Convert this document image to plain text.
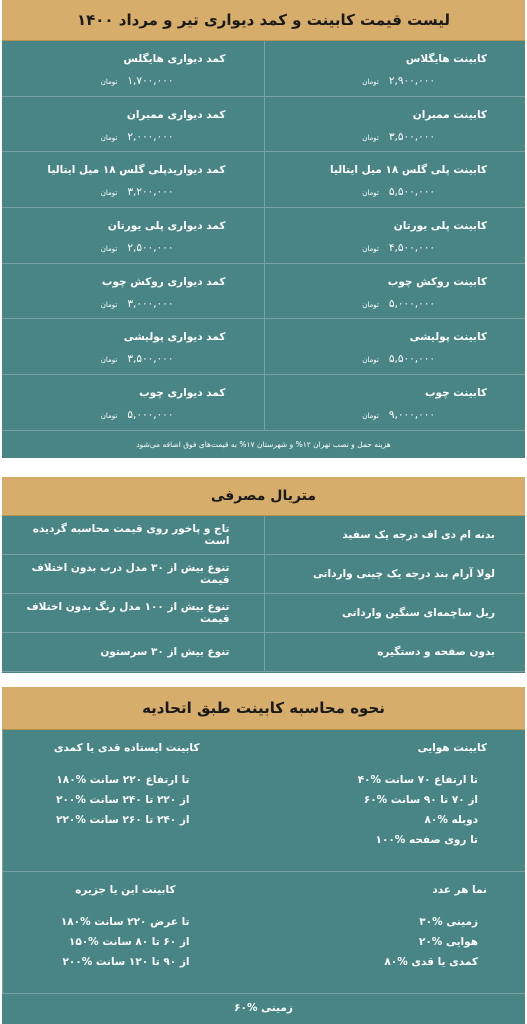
لیست قیمت کابینت و کمد دیواری تیر و مرداد ۱۴۰۰
کابینت هایگلاس
۲,۹۰۰,۰۰۰
تومان
کمد دیواری هایگلس
۱,۷۰۰,۰۰۰
تومان
کابینت ممبران
۳,۵۰۰,۰۰۰
تومان
کمد دیواری ممبران
۲,۰۰۰,۰۰۰
تومان
کابینت پلی گلس ۱۸ میل ایتالیا
۵,۵۰۰,۰۰۰
تومان
کمد دیواریدپلی گلس ۱۸ میل ایتالیا
۳,۲۰۰,۰۰۰
تومان
کابینت پلی یورتان
۴,۵۰۰,۰۰۰
تومان
کمد دیواری پلی یورتان
۲,۵۰۰,۰۰۰
تومان
کابینت روکش چوب
۵,۰۰۰,۰۰۰
تومان
کمد دیواری روکش چوب
۳,۰۰۰,۰۰۰
تومان
کابینت پولیشی
۵,۵۰۰,۰۰۰
تومان
کمد دیواری پولیشی
۳,۵۰۰,۰۰۰
تومان
کابینت چوب
۹,۰۰۰,۰۰۰
تومان
کمد دیواری چوب
۵,۰۰۰,۰۰۰
تومان
هزینه حمل و نصب تهران ۱۲% و شهرستان ۱۷% به قیمت‌های فوق اضافه می‌شود
متریال مصرفی
بدنه ام دی اف درجه یک سفید
تاج و پاخور روی قیمت محاسبه گردیده است
لولا آرام بند درجه یک چینی وارداتی
تنوع بیش از ۳۰ مدل درب بدون اختلاف قیمت
ریل ساچمه‌ای سنگین وارداتی
تنوع بیش از ۱۰۰ مدل رنگ بدون اختلاف قیمت
بدون صفحه و دستگیره
تنوع بیش از ۳۰ سرستون
نحوه محاسبه کابینت طبق اتحادیه
کابینت هوایی
تا ارتفاع ۷۰ سانت %۴۰
از ۷۰ تا ۹۰ سانت %۶۰
دوبله %۸۰
تا روی صفحه %۱۰۰
کابینت ایستاده قدی یا کمدی
تا ارتفاع ۲۲۰ سانت %۱۸۰
از ۲۲۰ تا ۲۴۰ سانت %۲۰۰
از ۲۴۰ تا ۲۶۰ سانت %۲۲۰
نما هر عدد
زمینی %۳۰
هوایی %۲۰
کمدی یا قدی %۸۰
کابینت این یا جزیره
تا عرض ۲۲۰ سانت %۱۸۰
از ۶۰ تا ۸۰ سانت %۱۵۰
از ۹۰ تا ۱۲۰ سانت %۲۰۰
زمینی %۶۰
